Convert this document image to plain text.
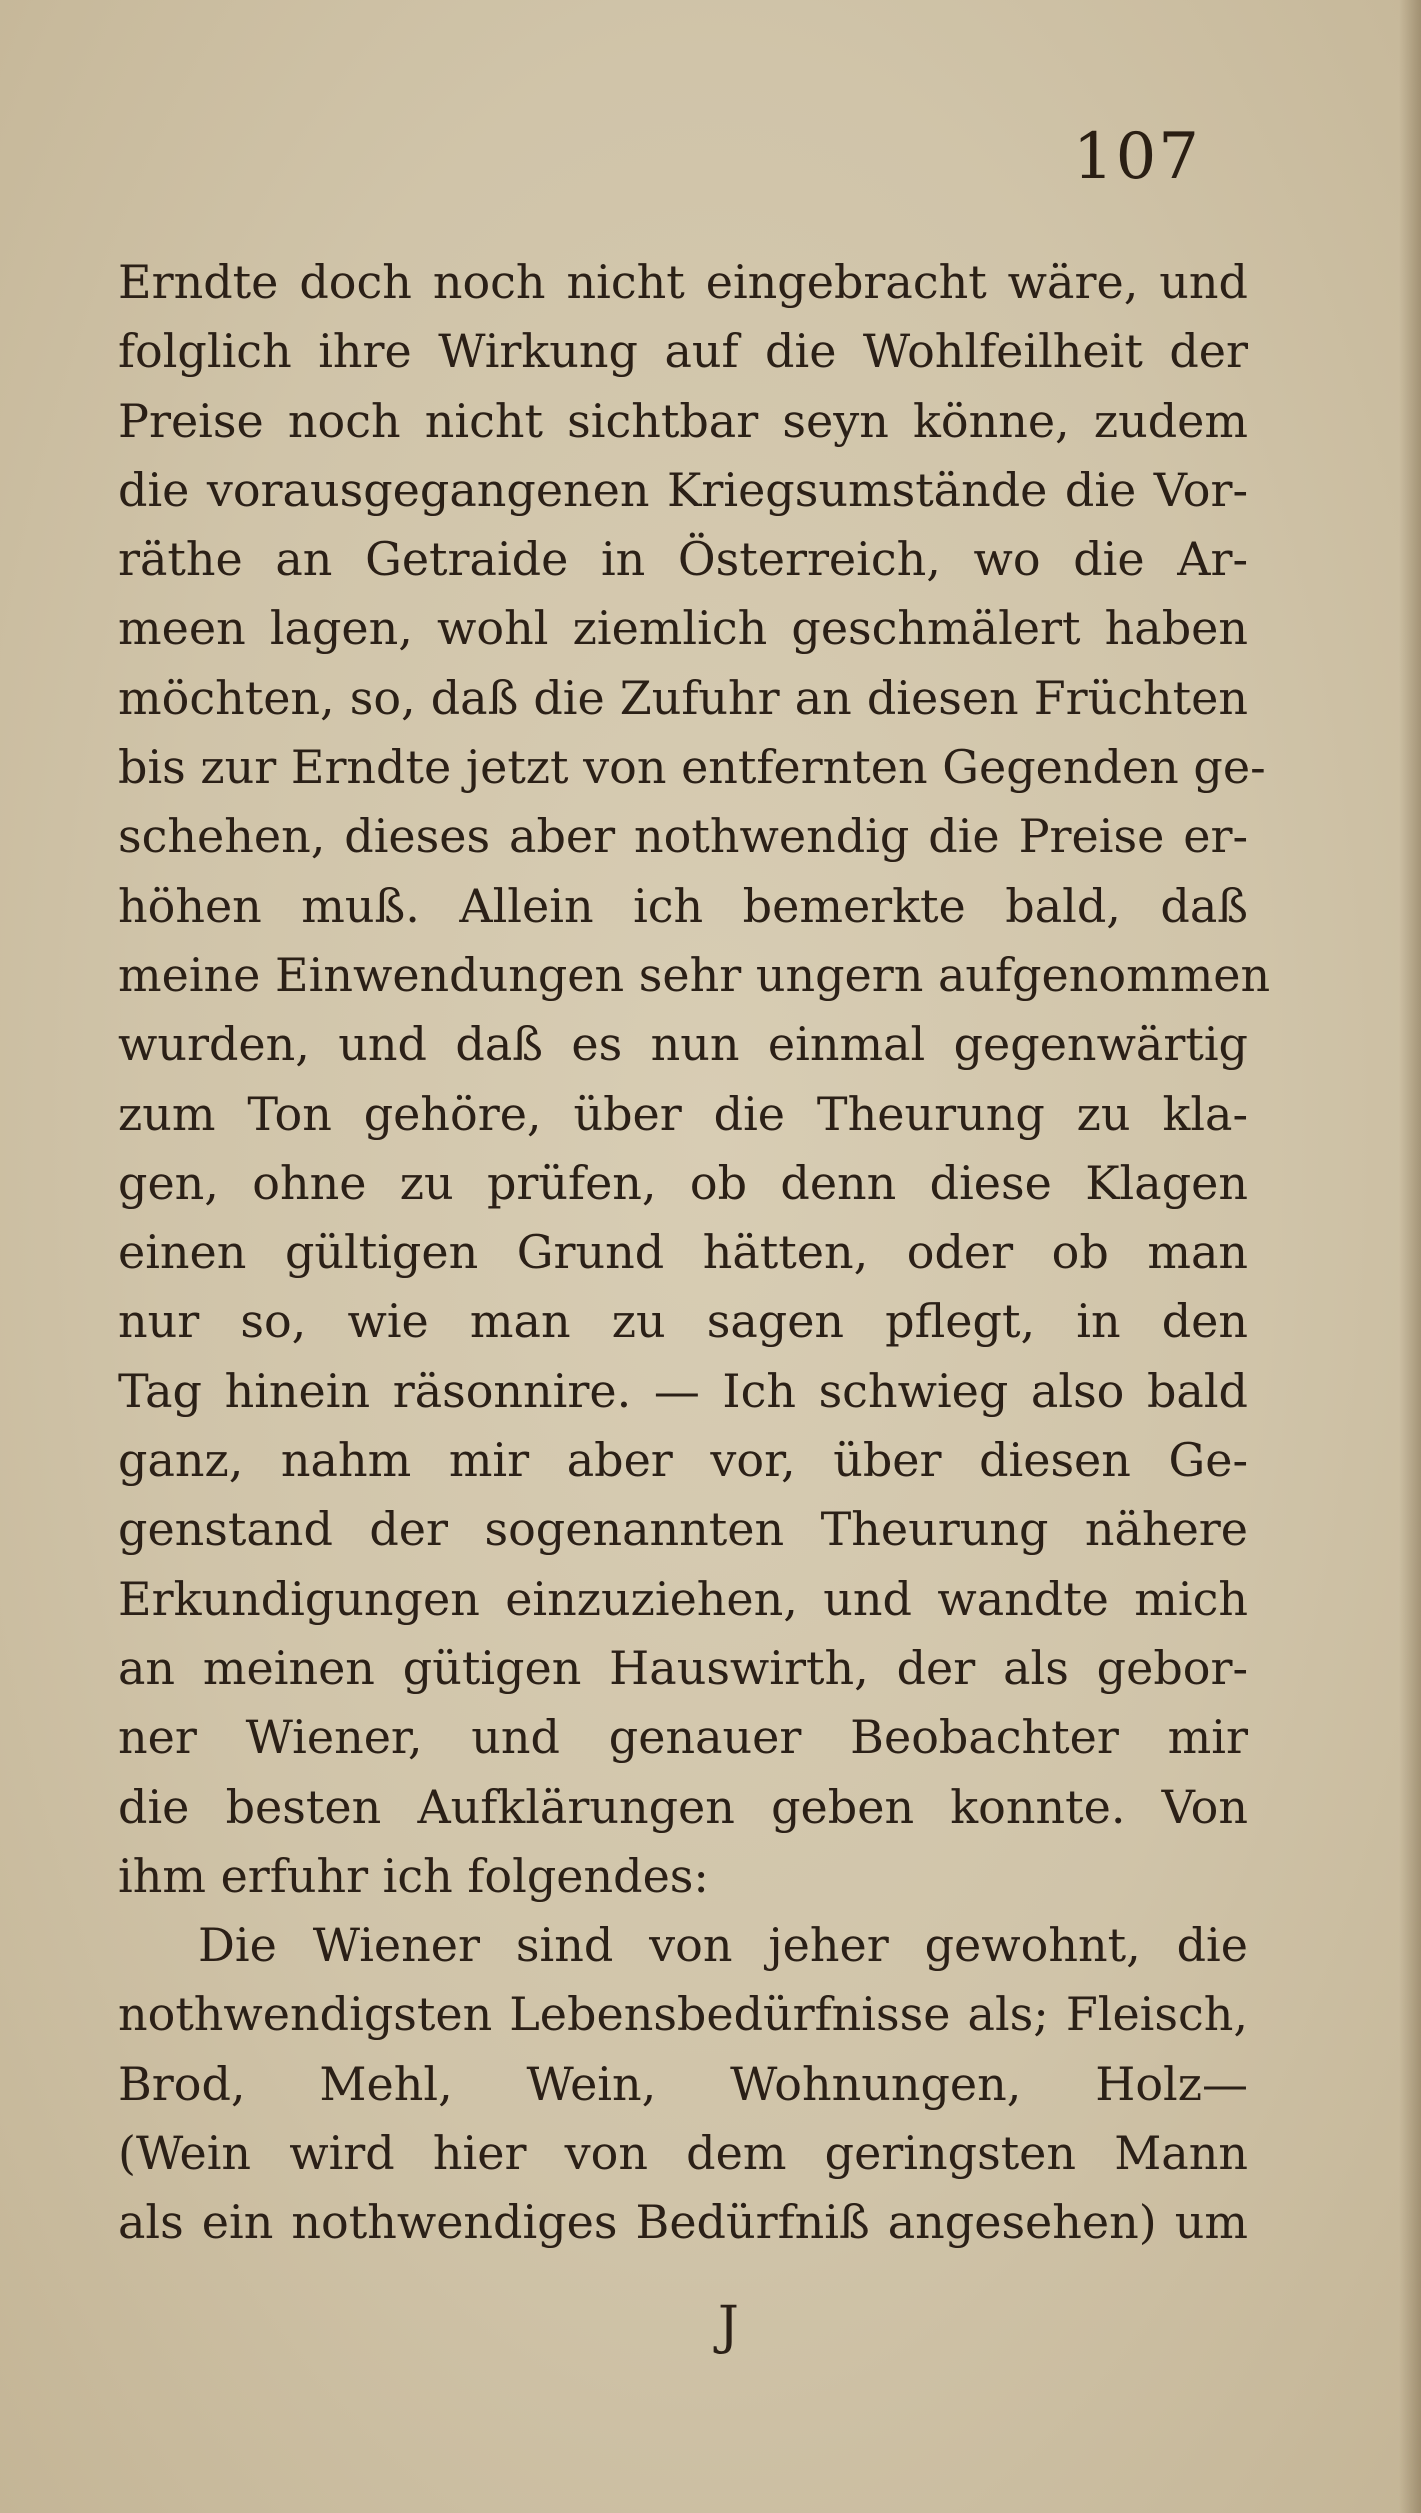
107

Erndte doch noch nicht eingebracht wäre, und
folglich ihre Wirkung auf die Wohlfeilheit der
Preise noch nicht sichtbar seyn könne, zudem
die vorausgegangenen Kriegsumstände die Vor-
räthe an Getraide in Österreich, wo die Ar-
meen lagen, wohl ziemlich geschmälert haben
möchten, so, daß die Zufuhr an diesen Früchten
bis zur Erndte jetzt von entfernten Gegenden ge-
schehen, dieses aber nothwendig die Preise er-
höhen muß. Allein ich bemerkte bald, daß
meine Einwendungen sehr ungern aufgenommen
wurden, und daß es nun einmal gegenwärtig
zum Ton gehöre, über die Theurung zu kla-
gen, ohne zu prüfen, ob denn diese Klagen
einen gültigen Grund hätten, oder ob man
nur so, wie man zu sagen pflegt, in den
Tag hinein räsonnire. — Ich schwieg also bald
ganz, nahm mir aber vor, über diesen Ge-
genstand der sogenannten Theurung nähere
Erkundigungen einzuziehen, und wandte mich
an meinen gütigen Hauswirth, der als gebor-
ner Wiener, und genauer Beobachter mir
die besten Aufklärungen geben konnte. Von
ihm erfuhr ich folgendes:
Die Wiener sind von jeher gewohnt, die
nothwendigsten Lebensbedürfnisse als; Fleisch,
Brod, Mehl, Wein, Wohnungen, Holz—
(Wein wird hier von dem geringsten Mann
als ein nothwendiges Bedürfniß angesehen) um

J
